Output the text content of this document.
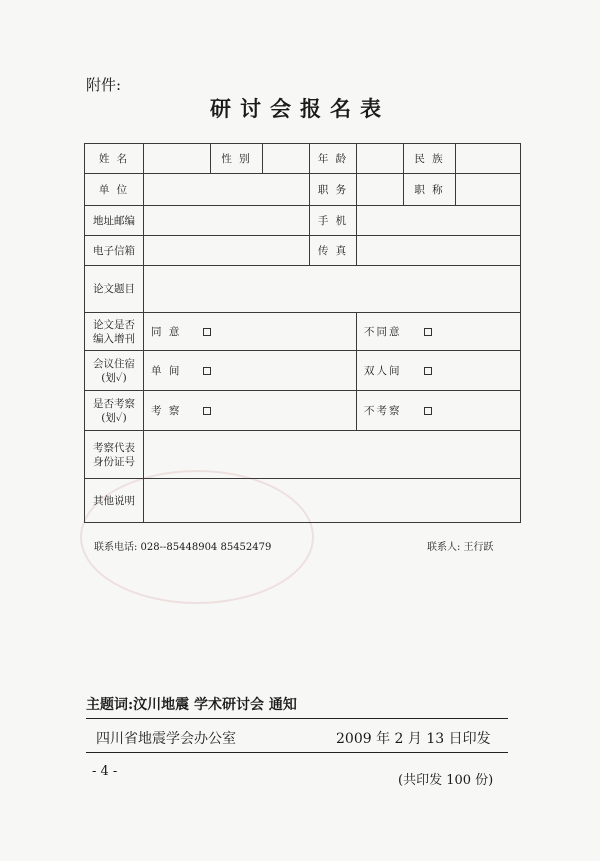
附件:
研讨会报名表
姓 名		性 别		年 龄		民 族	
单 位				职 务		职 称	
地址邮编				手 机			
电子信箱				传 真			
论文题目							
论文是否编入增刊	同 意				不同意		

会议住宿(划✓)	单 间				双人间		

是否考察(划✓)	考 察				不考察		

考察代表身份证号							
其他说明							
联系电话: 028--85448904 85452479	联系人: 王行跃
主题词:汶川地震 学术研讨会 通知
四川省地震学会办公室	2009 年 2 月 13 日印发
- 4 -
(共印发 100 份)
